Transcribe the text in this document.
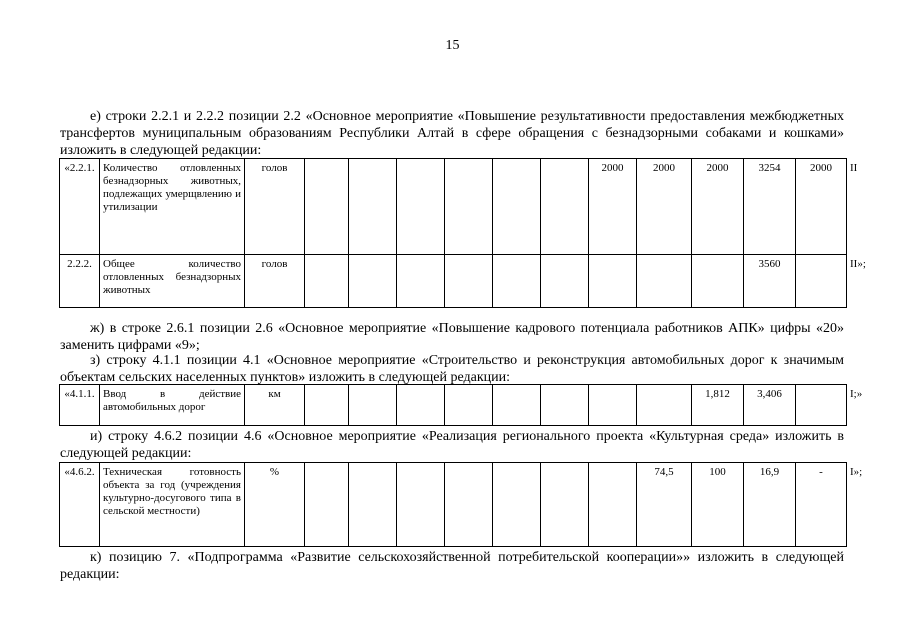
15
е) строки 2.2.1 и 2.2.2 позиции 2.2 «Основное мероприятие «Повышение результативности предоставления межбюджетных трансфертов муниципальным образованиям Республики Алтай в сфере обращения с безнадзорными собаками и кошками» изложить в следующей редакции:
«2.2.1.	Количество отловленных безнадзорных животных, подлежащих умерщвлению и утилизации	голов							2000	2000	2000	3254	2000	II
2.2.2.	Общее количество отловленных безнадзорных животных	голов										3560		II»;
ж) в строке 2.6.1 позиции 2.6 «Основное мероприятие «Повышение кадрового потенциала работников АПК» цифры «20» заменить цифрами «9»;
з) строку 4.1.1 позиции 4.1 «Основное мероприятие «Строительство и реконструкция автомобильных дорог к значимым объектам сельских населенных пунктов» изложить в следующей редакции:
«4.1.1.	Ввод в действие автомобильных дорог	км									1,812	3,406		I;»
и) строку 4.6.2 позиции 4.6 «Основное мероприятие «Реализация регионального проекта «Культурная среда» изложить в следующей редакции:
«4.6.2.	Техническая готовность объекта за год (учреждения культурно-досугового типа в сельской местности)	%								74,5	100	16,9	-	I»;
к) позицию 7. «Подпрограмма «Развитие сельскохозяйственной потребительской кооперации»» изложить в следующей редакции:
